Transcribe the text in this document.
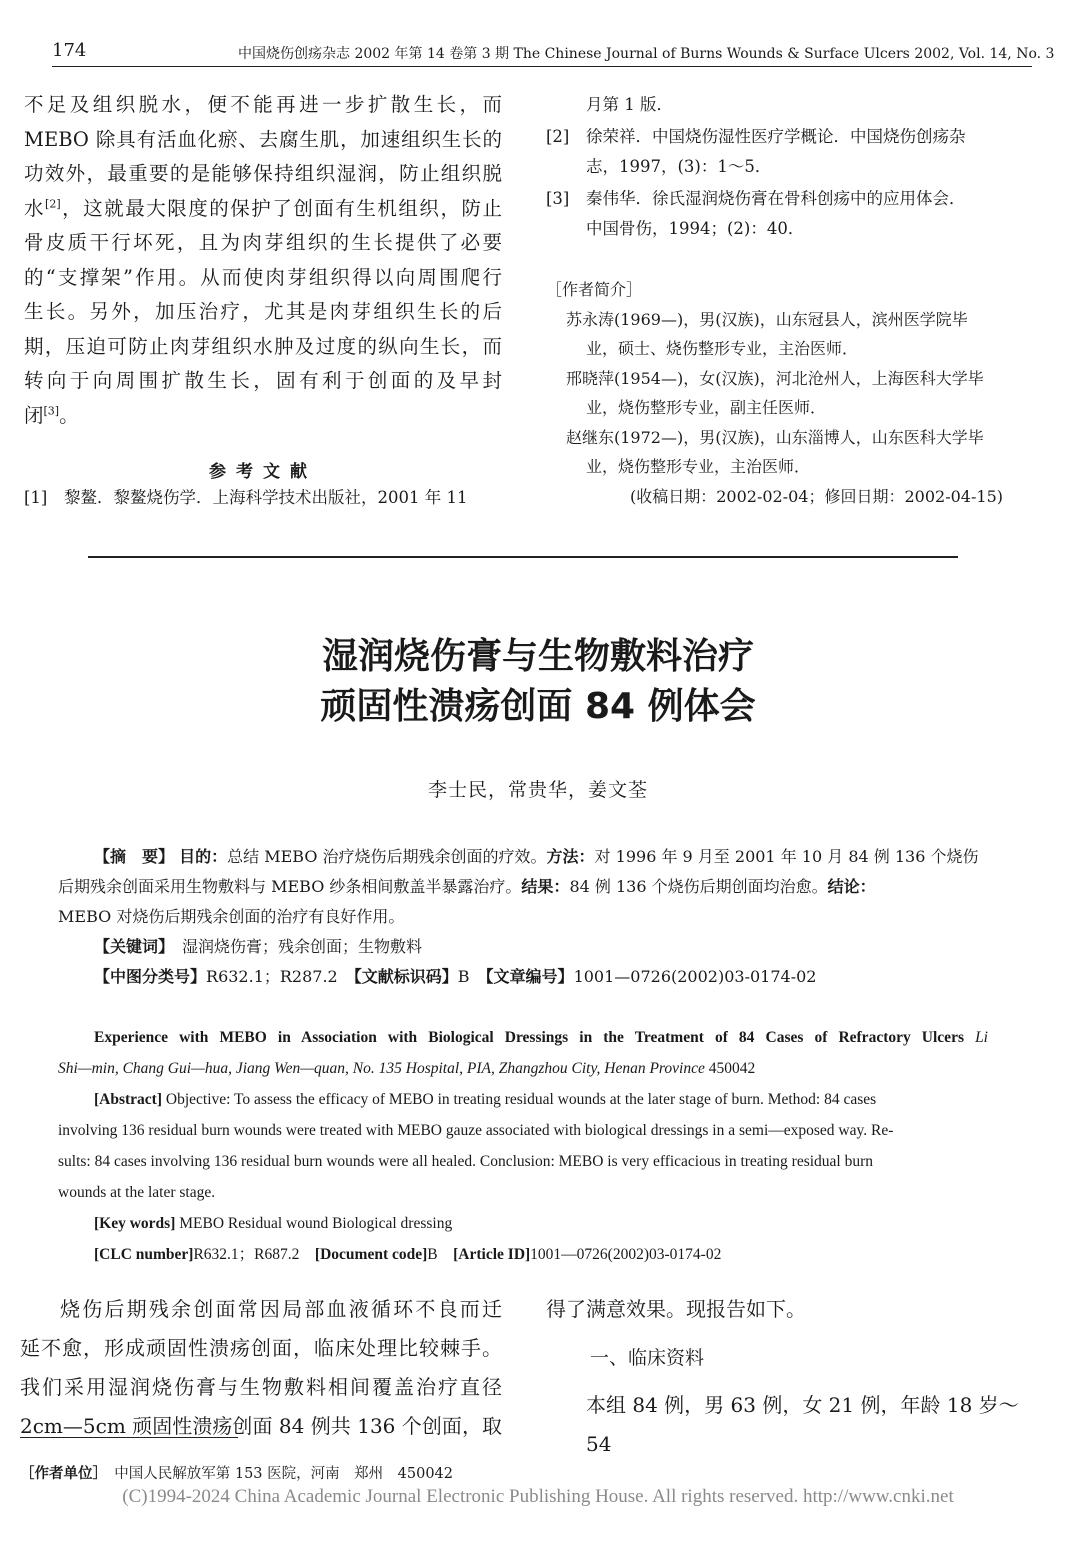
174	中国烧伤创疡杂志 2002 年第 14 卷第 3 期 The Chinese Journal of Burns Wounds & Surface Ulcers 2002, Vol. 14, No. 3

不足及组织脱水，便不能再进一步扩散生长，而

MEBO 除具有活血化瘀、去腐生肌，加速组织生长的

功效外，最重要的是能够保持组织湿润，防止组织脱

水[2]，这就最大限度的保护了创面有生机组织，防止

骨皮质干行坏死，且为肉芽组织的生长提供了必要

的“支撑架”作用。从而使肉芽组织得以向周围爬行

生长。另外，加压治疗，尤其是肉芽组织生长的后

期，压迫可防止肉芽组织水肿及过度的纵向生长，而

转向于向周围扩散生长，固有利于创面的及早封

闭[3]。

参考文献
[1] 黎鳌．黎鳌烧伤学．上海科学技术出版社，2001 年 11
月第 1 版．
[2] 徐荣祥．中国烧伤湿性医疗学概论．中国烧伤创疡杂
志，1997，(3)：1～5．
[3] 秦伟华．徐氏湿润烧伤膏在骨科创疡中的应用体会．
中国骨伤，1994；(2)：40．
［作者简介］
苏永涛(1969—)，男(汉族)，山东冠县人，滨州医学院毕
业，硕士、烧伤整形专业，主治医师．
邢晓萍(1954—)，女(汉族)，河北沧州人，上海医科大学毕
业，烧伤整形专业，副主任医师．
赵继东(1972—)，男(汉族)，山东淄博人，山东医科大学毕
业，烧伤整形专业，主治医师．
(收稿日期：2002-02-04；修回日期：2002-04-15)
湿润烧伤膏与生物敷料治疗
顽固性溃疡创面 84 例体会
李士民，常贵华，姜文荃
【摘　要】 目的：总结 MEBO 治疗烧伤后期残余创面的疗效。方法：对 1996 年 9 月至 2001 年 10 月 84 例 136 个烧伤
后期残余创面采用生物敷料与 MEBO 纱条相间敷盖半暴露治疗。结果：84 例 136 个烧伤后期创面均治愈。结论：
MEBO 对烧伤后期残余创面的治疗有良好作用。
【关键词】　 湿润烧伤膏；残余创面；生物敷料
【中图分类号】R632.1；R287.2　 【文献标识码】B　 【文章编号】1001—0726(2002)03-0174-02
Experience with MEBO in Association with Biological Dressings in the Treatment of 84 Cases of Refractory Ulcers Li
Shi—min, Chang Gui—hua, Jiang Wen—quan, No. 135 Hospital, PIA, Zhangzhou City, Henan Province 450042
[Abstract] Objective: To assess the efficacy of MEBO in treating residual wounds at the later stage of burn. Method: 84 cases
involving 136 residual burn wounds were treated with MEBO gauze associated with biological dressings in a semi—exposed way. Re-
sults: 84 cases involving 136 residual burn wounds were all healed. Conclusion: MEBO is very efficacious in treating residual burn
wounds at the later stage.
[Key words] MEBO Residual wound Biological dressing
[CLC number]R632.1；R687.2　 [Document code]B　 [Article ID]1001—0726(2002)03-0174-02

烧伤后期残余创面常因局部血液循环不良而迁

延不愈，形成顽固性溃疡创面，临床处理比较棘手。

我们采用湿润烧伤膏与生物敷料相间覆盖治疗直径

2cm—5cm 顽固性溃疡创面 84 例共 136 个创面，取

得了满意效果。现报告如下。
一、临床资料
本组 84 例，男 63 例，女 21 例，年龄 18 岁～54
［作者单位］　 中国人民解放军第 153 医院，河南　郑州　450042
(C)1994-2024 China Academic Journal Electronic Publishing House. All rights reserved. http://www.cnki.net
